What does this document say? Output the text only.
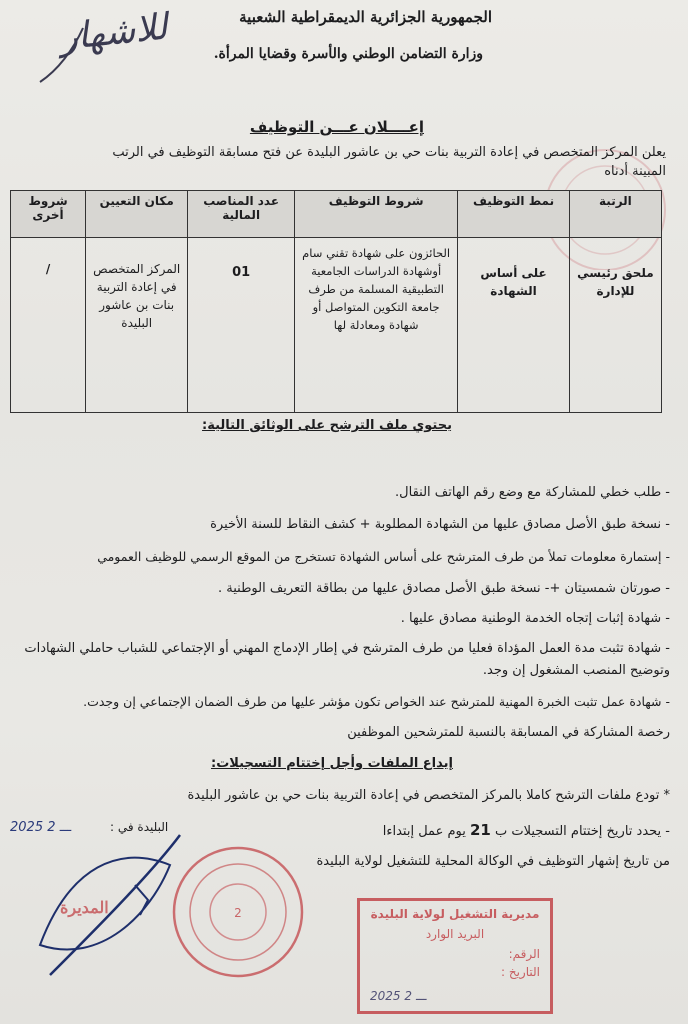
الجمهورية الجزائرية الديمقراطية الشعبية
وزارة التضامن الوطني والأسرة وقضايا المرأة.
للاشهار
إعــــلان عـــن التوظيف
يعلن المركز المتخصص في إعادة التربية بنات حي بن عاشور البليدة عن فتح مسابقة التوظيف في الرتب
المبينة أدناه
الرتبة	نمط التوظيف	شروط التوظيف	عدد المناصب المالية	مكان التعيين	شروط أخرى
ملحق رئيسي للإدارة	على أساس الشهادة	الحائزون على شهادة تقني سام أوشهادة الدراسات الجامعية التطبيقية المسلمة من طرف جامعة التكوين المتواصل أو شهادة ومعادلة لها	01	المركز المتخصص في إعادة التربية بنات بن عاشور البليدة	/
يحتوي ملف الترشح على الوثائق التالية:
- طلب خطي للمشاركة مع وضع رقم الهاتف النقال.
- نسخة طبق الأصل مصادق عليها من الشهادة المطلوبة + كشف النقاط للسنة الأخيرة
- إستمارة معلومات تملأ من طرف المترشح على أساس الشهادة تستخرج من الموقع الرسمي للوظيف العمومي
- صورتان شمسيتان +- نسخة طبق الأصل مصادق عليها من بطاقة التعريف الوطنية .
- شهادة إثبات إتجاه الخدمة الوطنية مصادق عليها .
- شهادة تثبت مدة العمل المؤداة فعليا من طرف المترشح في إطار الإدماج المهني أو الإجتماعي للشباب حاملي الشهادات وتوضيح المنصب المشغول إن وجد.
- شهادة عمل تثبت الخبرة المهنية للمترشح عند الخواص تكون مؤشر عليها من طرف الضمان الإجتماعي إن وجدت.
رخصة المشاركة في المسابقة بالنسبة للمترشحين الموظفين
إيداع الملفات وأجل إختتام التسجيلات:
* تودع ملفات الترشح كاملا بالمركز المتخصص في إعادة التربية بنات حي بن عاشور البليدة
- يحدد تاريخ إختتام التسجيلات ب 21 يوم عمل إبتداءا
من تاريخ إشهار التوظيف في الوكالة المحلية للتشغيل لولاية البليدة
البليدة في :
2025 ـــ 2
المديرة	2	مديرية التشغيل لولاية البليدة
البريد الوارد
الرقم:
التاريخ :
2025 ـــ 2
